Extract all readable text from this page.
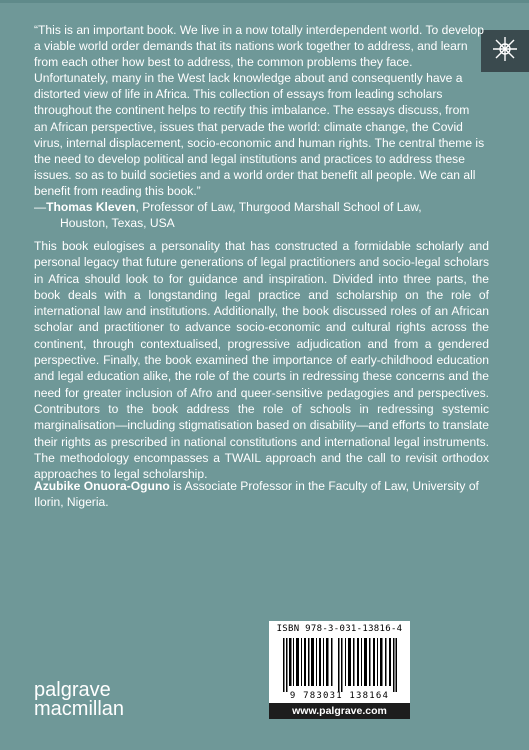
“This is an important book. We live in a now totally interdependent world. To develop a viable world order demands that its nations work together to address, and learn from each other how best to address, the common problems they face. Unfortunately, many in the West lack knowledge about and consequently have a distorted view of life in Africa. This collection of essays from leading scholars throughout the continent helps to rectify this imbalance. The essays discuss, from an African perspective, issues that pervade the world: climate change, the Covid virus, internal displacement, socio-economic and human rights. The central theme is the need to develop political and legal institutions and practices to address these issues. so as to build societies and a world order that benefit all people. We can all benefit from reading this book.”

—Thomas Kleven, Professor of Law, Thurgood Marshall School of Law,
Houston, Texas, USA

This book eulogises a personality that has constructed a formidable scholarly and personal legacy that future generations of legal practitioners and socio-legal scholars in Africa should look to for guidance and inspiration. Divided into three parts, the book deals with a longstanding legal practice and scholarship on the role of international law and institutions. Additionally, the book discussed roles of an African scholar and practitioner to advance socio-economic and cultural rights across the continent, through contextualised, progressive adjudication and from a gendered perspective. Finally, the book examined the importance of early-childhood education and legal education alike, the role of the courts in redressing these concerns and the need for greater inclusion of Afro and queer-sensitive pedagogies and perspectives. Contributors to the book address the role of schools in redressing systemic marginalisation—including stigmatisation based on disability—and efforts to translate their rights as prescribed in national constitutions and international legal instruments. The methodology encompasses a TWAIL approach and the call to revisit orthodox approaches to legal scholarship.
Azubike Onuora-Oguno is Associate Professor in the Faculty of Law, University of Ilorin, Nigeria.
ISBN 978-3-031-13816-4
9 783031 138164
www.palgrave.com
palgrave
macmillan
